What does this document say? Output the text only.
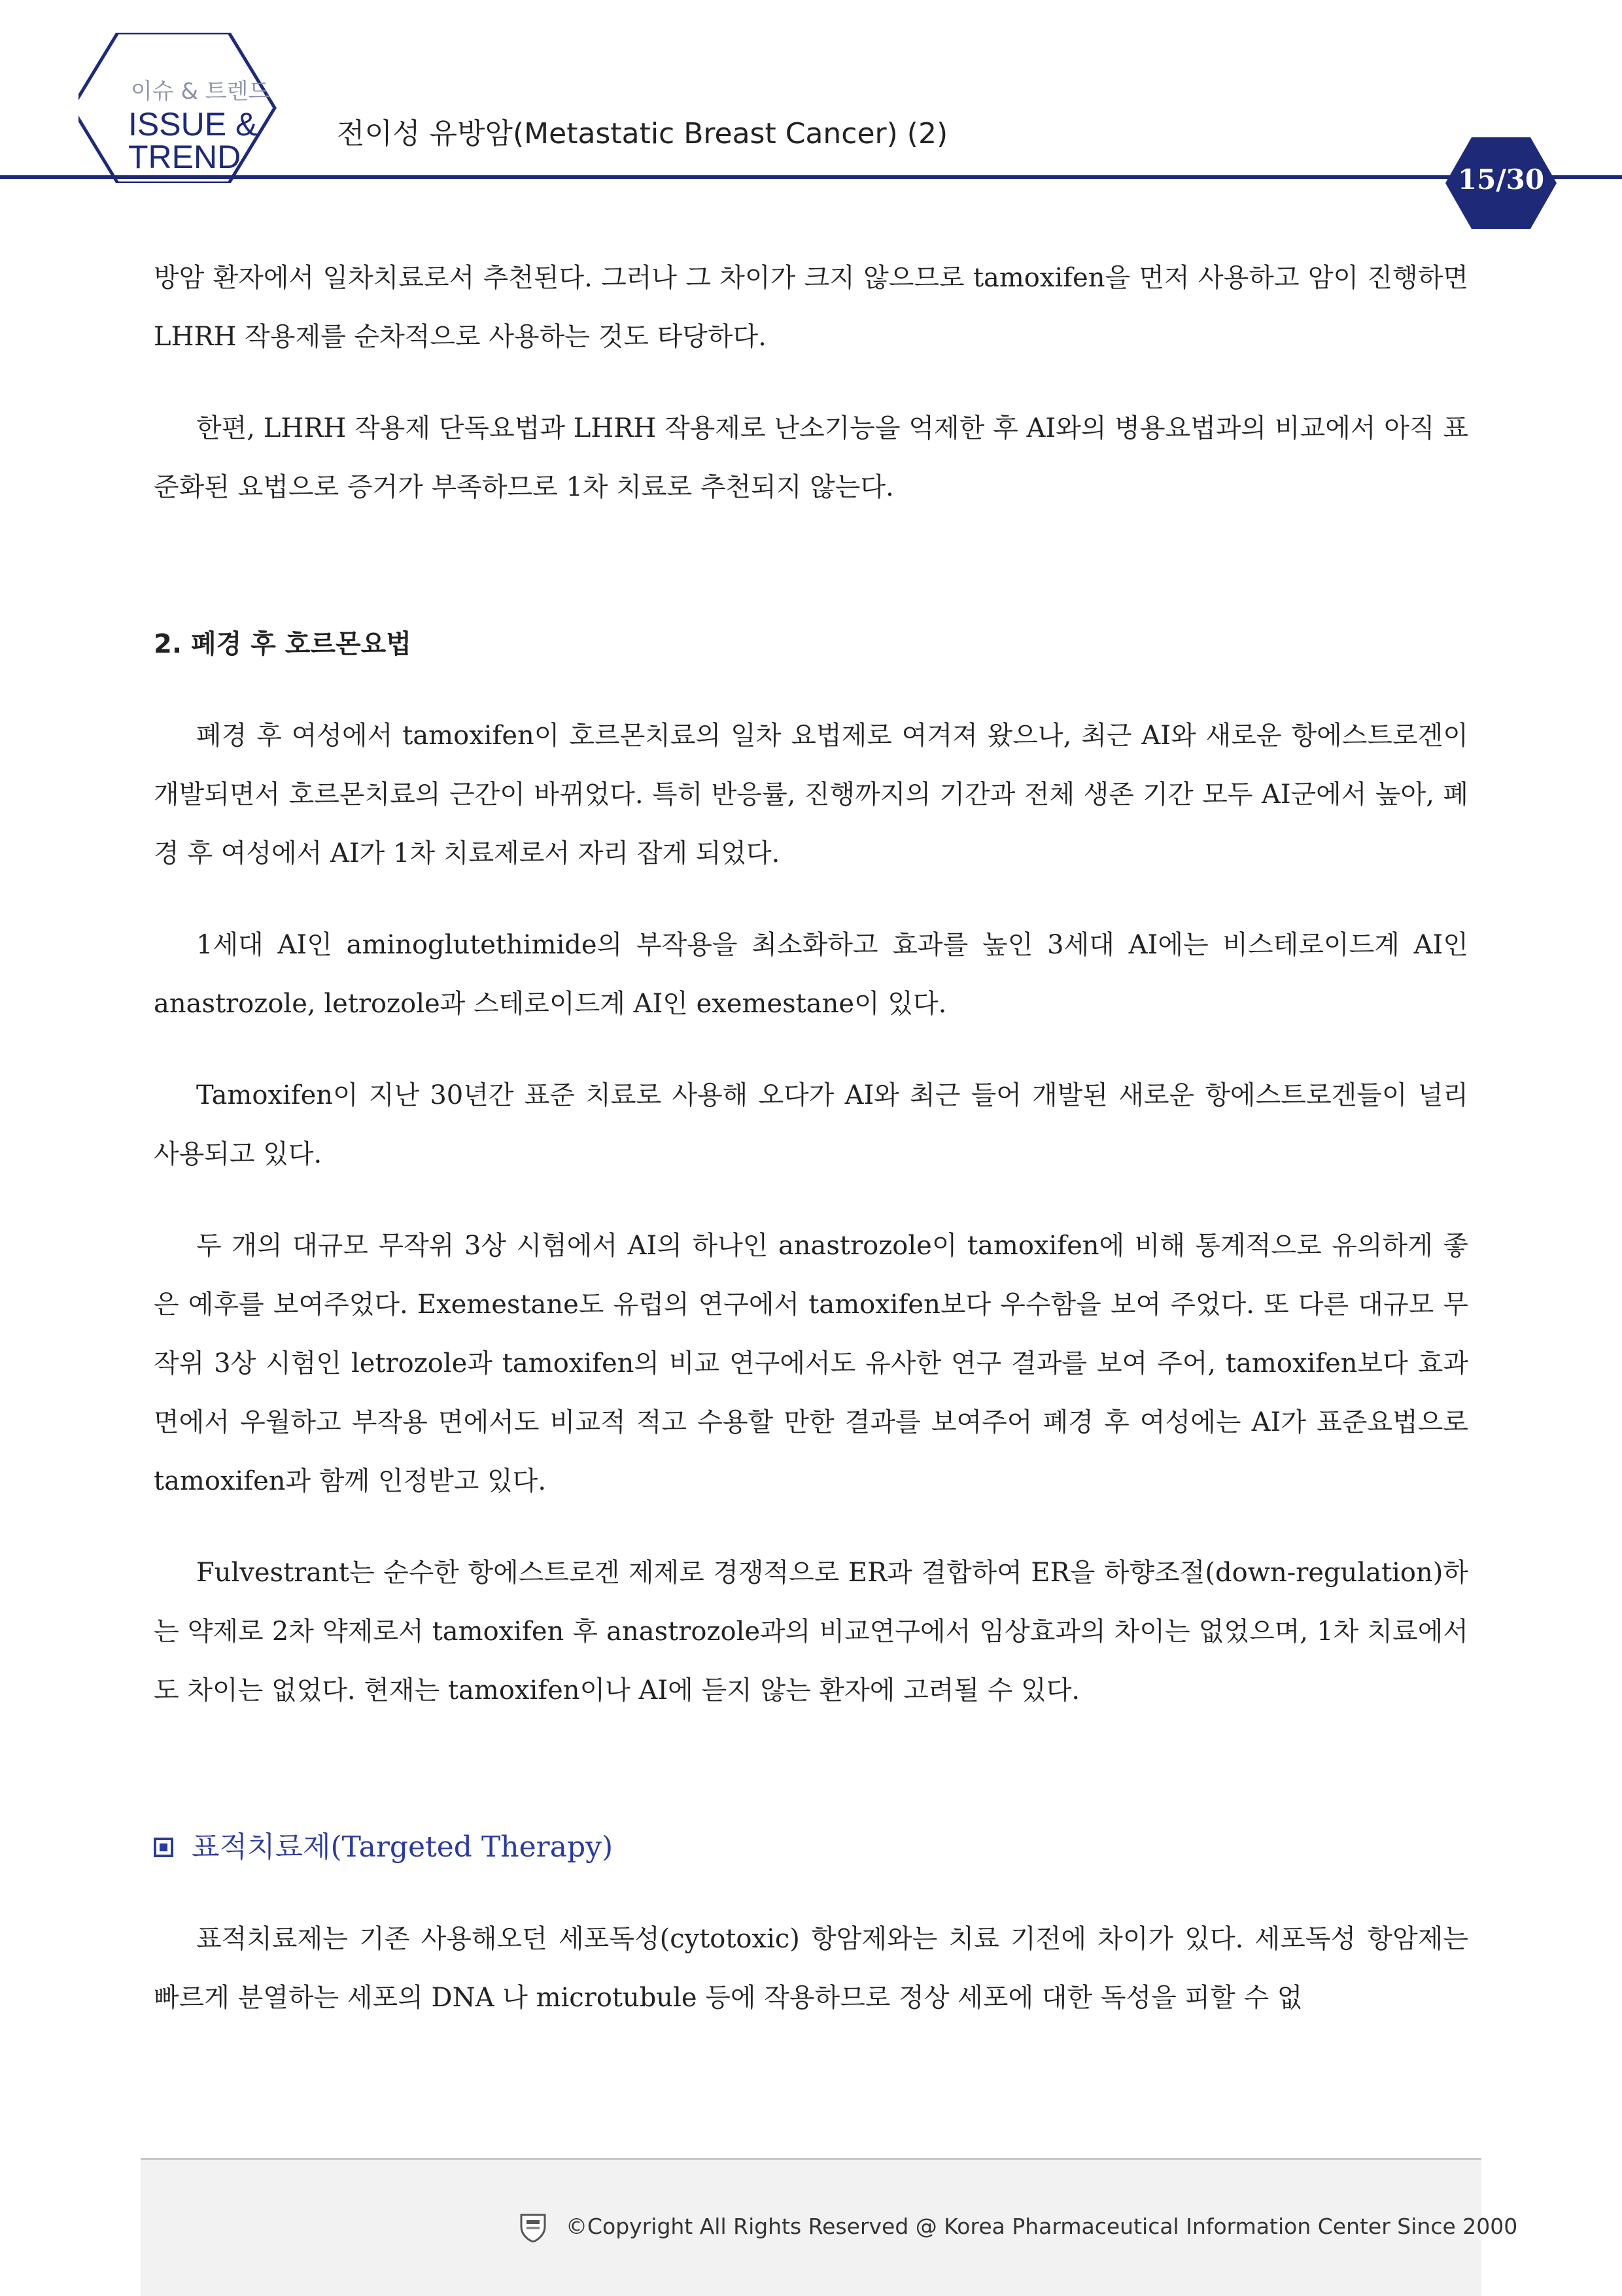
이슈 & 트렌드
ISSUE &
TREND
전이성 유방암(Metastatic Breast Cancer) (2)
15/30

방암 환자에서 일차치료로서 추천된다. 그러나 그 차이가 크지 않으므로 tamoxifen을 먼저 사용하고 암이 진행하면 LHRH 작용제를 순차적으로 사용하는 것도 타당하다.

한편, LHRH 작용제 단독요법과 LHRH 작용제로 난소기능을 억제한 후 AI와의 병용요법과의 비교에서 아직 표준화된 요법으로 증거가 부족하므로 1차 치료로 추천되지 않는다.

2. 폐경 후 호르몬요법

폐경 후 여성에서 tamoxifen이 호르몬치료의 일차 요법제로 여겨져 왔으나, 최근 AI와 새로운 항에스트로겐이 개발되면서 호르몬치료의 근간이 바뀌었다. 특히 반응률, 진행까지의 기간과 전체 생존 기간 모두 AI군에서 높아, 폐경 후 여성에서 AI가 1차 치료제로서 자리 잡게 되었다.

1세대 AI인 aminoglutethimide의 부작용을 최소화하고 효과를 높인 3세대 AI에는 비스테로이드계 AI인 anastrozole, letrozole과 스테로이드계 AI인 exemestane이 있다.

Tamoxifen이 지난 30년간 표준 치료로 사용해 오다가 AI와 최근 들어 개발된 새로운 항에스트로겐들이 널리 사용되고 있다.

두 개의 대규모 무작위 3상 시험에서 AI의 하나인 anastrozole이 tamoxifen에 비해 통계적으로 유의하게 좋은 예후를 보여주었다. Exemestane도 유럽의 연구에서 tamoxifen보다 우수함을 보여 주었다. 또 다른 대규모 무작위 3상 시험인 letrozole과 tamoxifen의 비교 연구에서도 유사한 연구 결과를 보여 주어, tamoxifen보다 효과 면에서 우월하고 부작용 면에서도 비교적 적고 수용할 만한 결과를 보여주어 폐경 후 여성에는 AI가 표준요법으로 tamoxifen과 함께 인정받고 있다.

Fulvestrant는 순수한 항에스트로겐 제제로 경쟁적으로 ER과 결합하여 ER을 하향조절(down-regulation)하는 약제로 2차 약제로서 tamoxifen 후 anastrozole과의 비교연구에서 임상효과의 차이는 없었으며, 1차 치료에서도 차이는 없었다. 현재는 tamoxifen이나 AI에 듣지 않는 환자에 고려될 수 있다.

표적치료제(Targeted Therapy)

표적치료제는 기존 사용해오던 세포독성(cytotoxic) 항암제와는 치료 기전에 차이가 있다. 세포독성 항암제는 빠르게 분열하는 세포의 DNA 나 microtubule 등에 작용하므로 정상 세포에 대한 독성을 피할 수 없

©Copyright All Rights Reserved @ Korea Pharmaceutical Information Center Since 2000
